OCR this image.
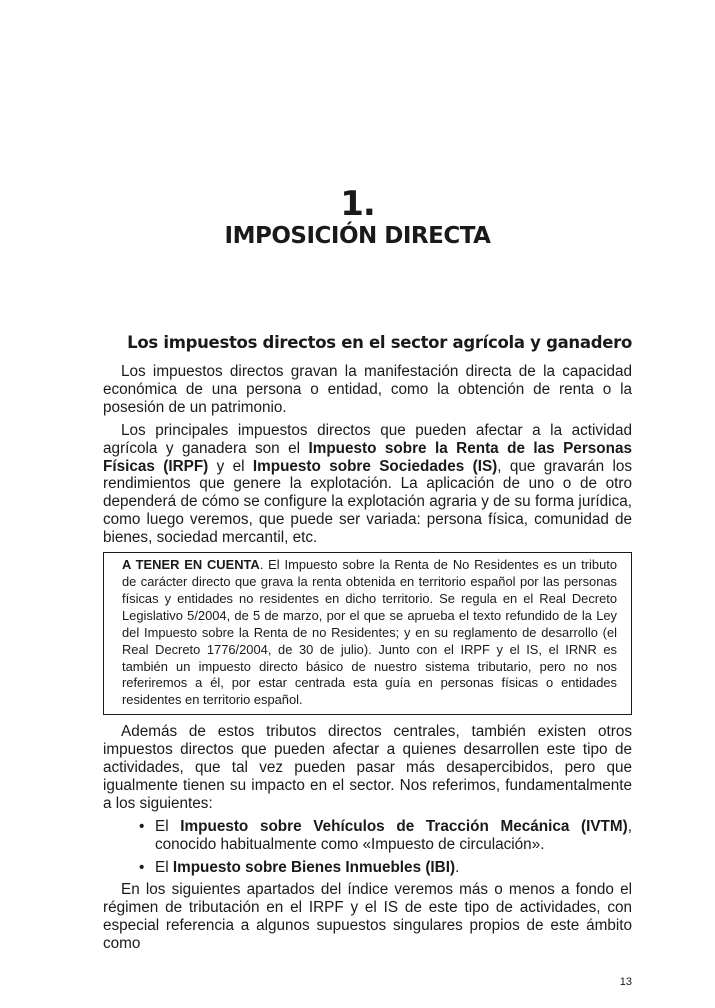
1.
IMPOSICIÓN DIRECTA
Los impuestos directos en el sector agrícola y ganadero

Los impuestos directos gravan la manifestación directa de la capacidad económica de una persona o entidad, como la obtención de renta o la posesión de un patrimonio.

Los principales impuestos directos que pueden afectar a la actividad agrícola y ganadera son el Impuesto sobre la Renta de las Personas Físicas (IRPF) y el Impuesto sobre Sociedades (IS), que gravarán los rendimientos que genere la explotación. La aplicación de uno o de otro dependerá de cómo se configure la explotación agraria y de su forma jurídica, como luego veremos, que puede ser variada: persona física, comunidad de bienes, sociedad mercantil, etc.

A TENER EN CUENTA. El Impuesto sobre la Renta de No Residentes es un tributo de carácter directo que grava la renta obtenida en territorio español por las personas físicas y entidades no residentes en dicho territorio. Se regula en el Real Decreto Legislativo 5/2004, de 5 de marzo, por el que se aprueba el texto refundido de la Ley del Impuesto sobre la Renta de no Residentes; y en su reglamento de desarrollo (el Real Decreto 1776/2004, de 30 de julio). Junto con el IRPF y el IS, el IRNR es también un impuesto directo básico de nuestro sistema tributario, pero no nos referiremos a él, por estar centrada esta guía en personas físicas o entidades residentes en territorio español.

Además de estos tributos directos centrales, también existen otros impuestos directos que pueden afectar a quienes desarrollen este tipo de actividades, que tal vez pueden pasar más desapercibidos, pero que igualmente tienen su impacto en el sector. Nos referimos, fundamentalmente a los siguientes:

• El Impuesto sobre Vehículos de Tracción Mecánica (IVTM), conocido habitualmente como «Impuesto de circulación».
• El Impuesto sobre Bienes Inmuebles (IBI).

En los siguientes apartados del índice veremos más o menos a fondo el régimen de tributación en el IRPF y el IS de este tipo de actividades, con especial referencia a algunos supuestos singulares propios de este ámbito como

13
